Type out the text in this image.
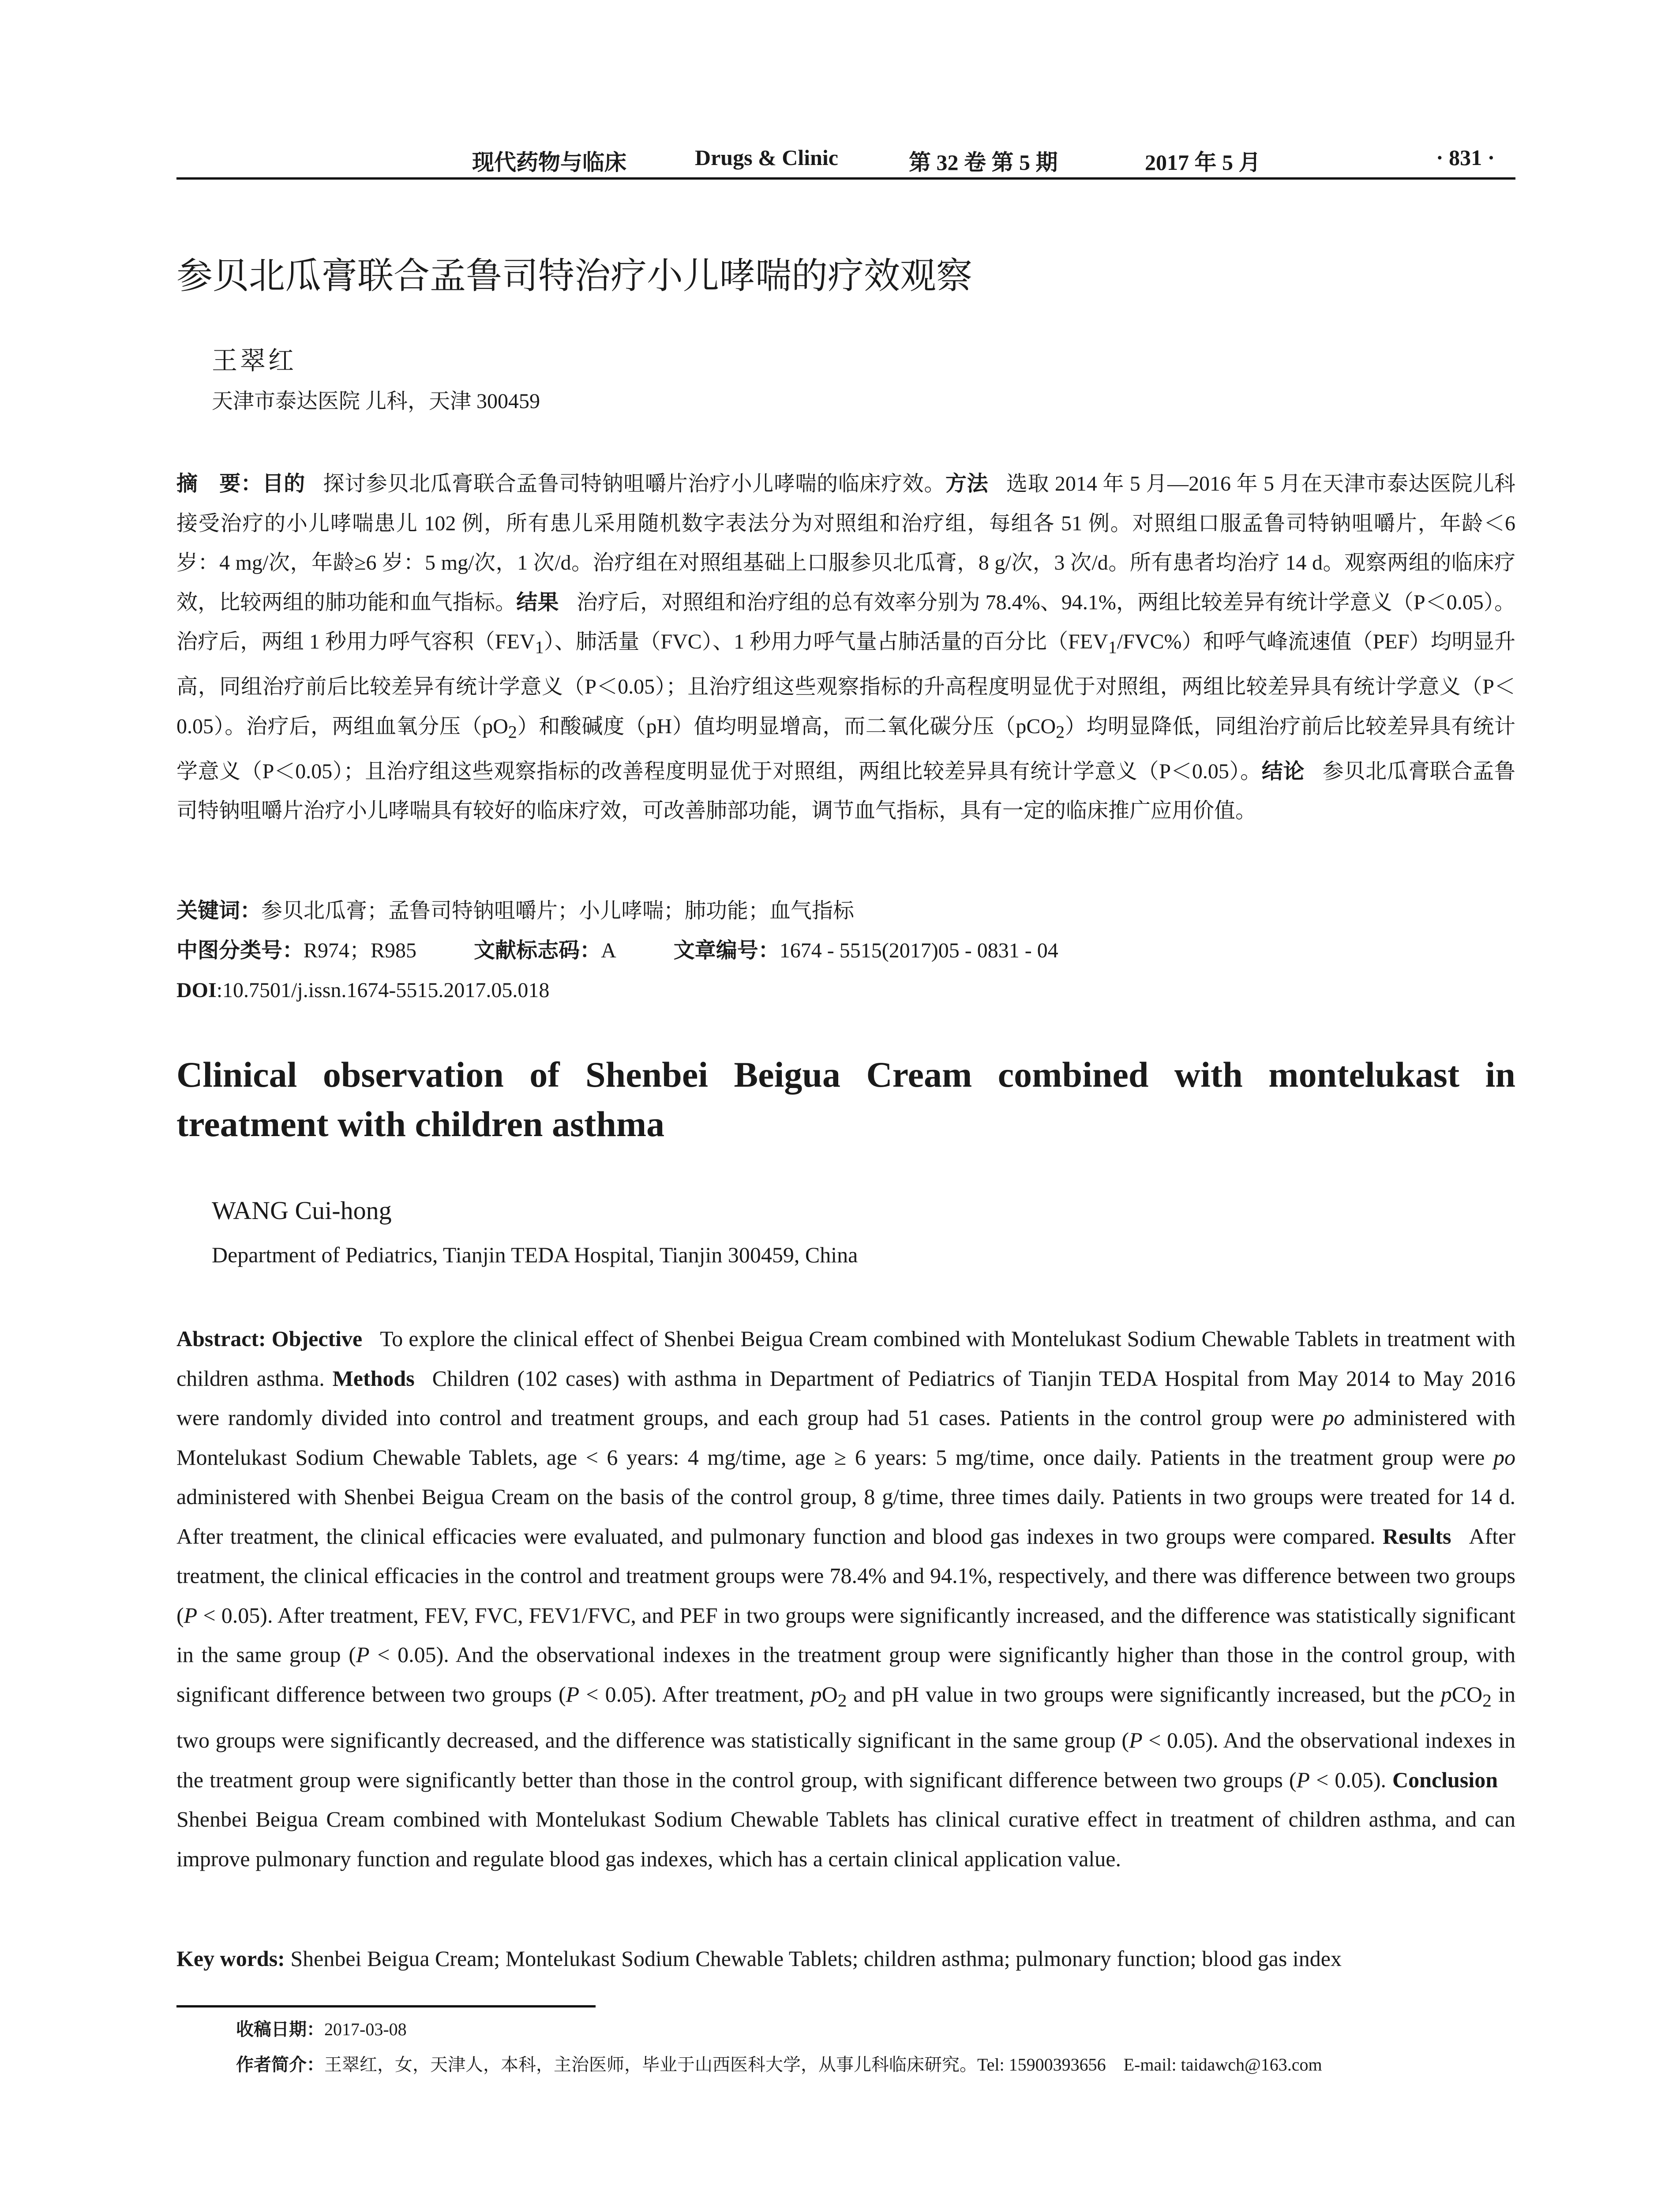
现代药物与临床	Drugs & Clinic	第 32 卷 第 5 期	2017 年 5 月	· 831 ·
参贝北瓜膏联合孟鲁司特治疗小儿哮喘的疗效观察
王翠红
天津市泰达医院 儿科，天津 300459
摘　要：目的 探讨参贝北瓜膏联合孟鲁司特钠咀嚼片治疗小儿哮喘的临床疗效。方法 选取 2014 年 5 月—2016 年 5 月在天津市泰达医院儿科接受治疗的小儿哮喘患儿 102 例，所有患儿采用随机数字表法分为对照组和治疗组，每组各 51 例。对照组口服孟鲁司特钠咀嚼片，年龄＜6 岁：4 mg/次，年龄≥6 岁：5 mg/次，1 次/d。治疗组在对照组基础上口服参贝北瓜膏，8 g/次，3 次/d。所有患者均治疗 14 d。观察两组的临床疗效，比较两组的肺功能和血气指标。结果 治疗后，对照组和治疗组的总有效率分别为 78.4%、94.1%，两组比较差异有统计学意义（P＜0.05）。治疗后，两组 1 秒用力呼气容积$(FEV_1)$、肺活量（FVC）、1 秒用力呼气量占肺活量的百分比$(FEV_1/FVC\%)$和呼气峰流速值（PEF）均明显升高，同组治疗前后比较差异有统计学意义（P＜0.05）；且治疗组这些观察指标的升高程度明显优于对照组，两组比较差异具有统计学意义（P＜0.05）。治疗后，两组血氧分压$(pO_2)$和酸碱度（pH）值均明显增高，而二氧化碳分压（pCO$_2$）均明显降低，同组治疗前后比较差异具有统计学意义（P＜0.05）；且治疗组这些观察指标的改善程度明显优于对照组，两组比较差异具有统计学意义（P＜0.05）。结论 参贝北瓜膏联合孟鲁司特钠咀嚼片治疗小儿哮喘具有较好的临床疗效，可改善肺部功能，调节血气指标，具有一定的临床推广应用价值。
关键词：参贝北瓜膏；孟鲁司特钠咀嚼片；小儿哮喘；肺功能；血气指标
中图分类号：R974；R985	文献标志码：A	文章编号：1674 - 5515(2017)05 - 0831 - 04
DOI:10.7501/j.issn.1674-5515.2017.05.018
Clinical observation of Shenbei Beigua Cream combined with montelukast in treatment with children asthma
WANG Cui-hong
Department of Pediatrics, Tianjin TEDA Hospital, Tianjin 300459, China
Abstract: Objective To explore the clinical effect of Shenbei Beigua Cream combined with Montelukast Sodium Chewable Tablets in treatment with children asthma. Methods Children (102 cases) with asthma in Department of Pediatrics of Tianjin TEDA Hospital from May 2014 to May 2016 were randomly divided into control and treatment groups, and each group had 51 cases. Patients in the control group were po administered with Montelukast Sodium Chewable Tablets, age < 6 years: 4 mg/time, age ≥ 6 years: 5 mg/time, once daily. Patients in the treatment group were po administered with Shenbei Beigua Cream on the basis of the control group, 8 g/time, three times daily. Patients in two groups were treated for 14 d. After treatment, the clinical efficacies were evaluated, and pulmonary function and blood gas indexes in two groups were compared. Results After treatment, the clinical efficacies in the control and treatment groups were 78.4% and 94.1%, respectively, and there was difference between two groups (P < 0.05). After treatment, FEV, FVC, FEV1/FVC, and PEF in two groups were significantly increased, and the difference was statistically significant in the same group (P < 0.05). And the observational indexes in the treatment group were significantly higher than those in the control group, with significant difference between two groups (P < 0.05). After treatment, $pO_2$ and pH value in two groups were significantly increased, but the pCO$_2$ in two groups were significantly decreased, and the difference was statistically significant in the same group (P < 0.05). And the observational indexes in the treatment group were significantly better than those in the control group, with significant difference between two groups (P < 0.05). ConclusionShenbei Beigua Cream combined with Montelukast Sodium Chewable Tablets has clinical curative effect in treatment of children asthma, and can improve pulmonary function and regulate blood gas indexes, which has a certain clinical application value.
Key words: Shenbei Beigua Cream; Montelukast Sodium Chewable Tablets; children asthma; pulmonary function; blood gas index
收稿日期：2017-03-08
作者简介：王翠红，女，天津人，本科，主治医师，毕业于山西医科大学，从事儿科临床研究。Tel: 15900393656　E-mail: taidawch@163.com
